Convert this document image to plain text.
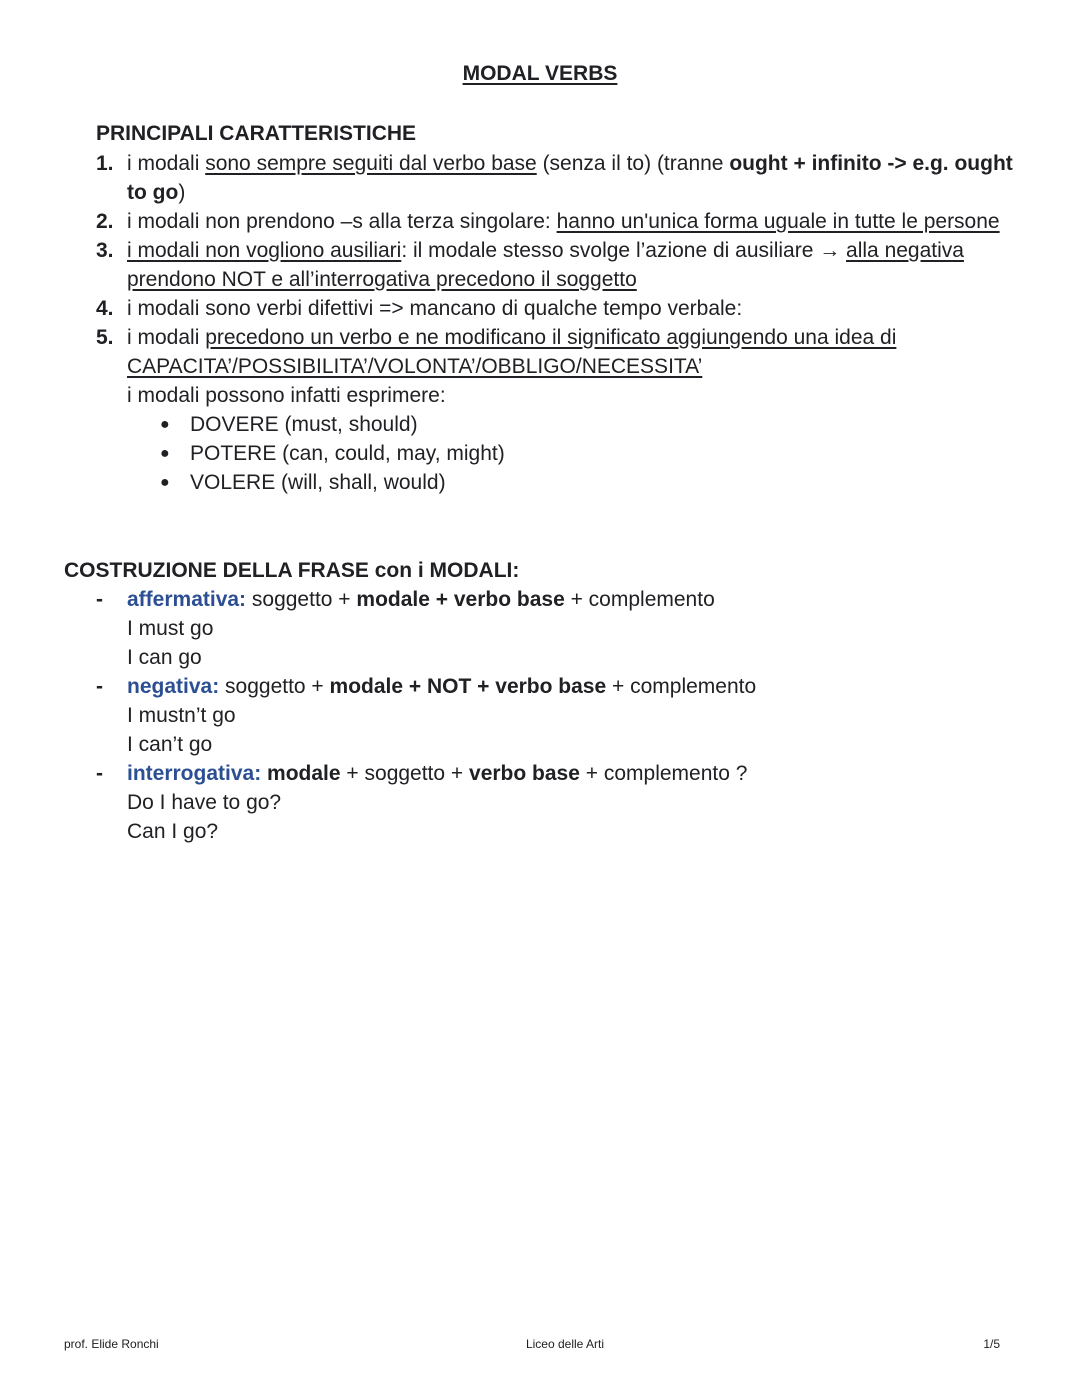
MODAL VERBS
PRINCIPALI CARATTERISTICHE
1. i modali sono sempre seguiti dal verbo base (senza il to) (tranne ought + infinito -> e.g. ought
to go)
2. i modali non prendono –s alla terza singolare: hanno un'unica forma uguale in tutte le persone
3. i modali non vogliono ausiliari: il modale stesso svolge l’azione di ausiliare → alla negativa
prendono NOT e all’interrogativa precedono il soggetto
4. i modali sono verbi difettivi => mancano di qualche tempo verbale:
5. i modali precedono un verbo e ne modificano il significato aggiungendo una idea di
CAPACITA’/POSSIBILITA’/VOLONTA’/OBBLIGO/NECESSITA’
i modali possono infatti esprimere:
● DOVERE (must, should)
● POTERE (can, could, may, might)
● VOLERE (will, shall, would)
COSTRUZIONE DELLA FRASE con i MODALI:
- affermativa: soggetto + modale + verbo base + complemento
I must go
I can go
- negativa: soggetto + modale + NOT + verbo base + complemento
I mustn’t go
I can’t go
- interrogativa: modale + soggetto + verbo base + complemento ?
Do I have to go?
Can I go?
prof. Elide Ronchi	Liceo delle Arti	1/5
